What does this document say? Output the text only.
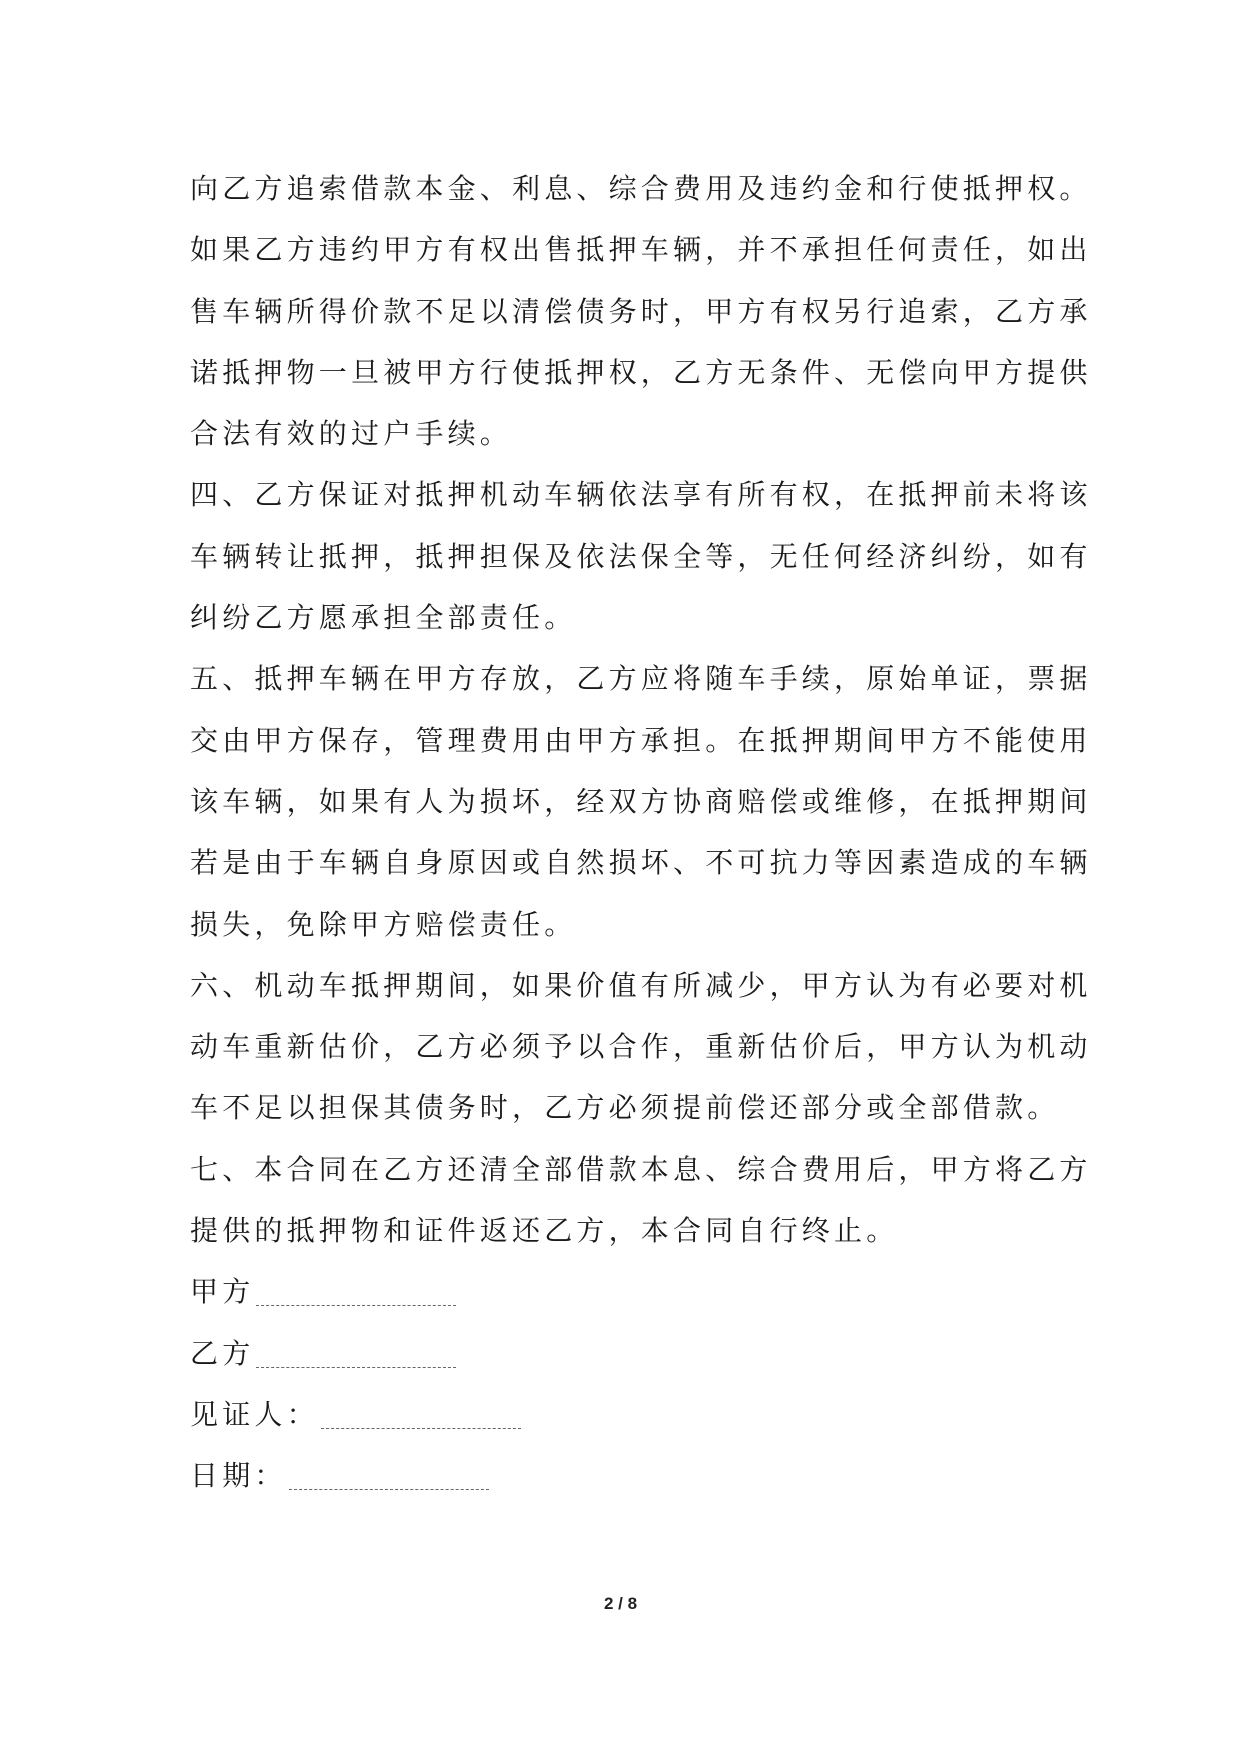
向乙方追索借款本金、利息、综合费用及违约金和行使抵押权。
如果乙方违约甲方有权出售抵押车辆，并不承担任何责任，如出
售车辆所得价款不足以清偿债务时，甲方有权另行追索，乙方承
诺抵押物一旦被甲方行使抵押权，乙方无条件、无偿向甲方提供
合法有效的过户手续。
四、乙方保证对抵押机动车辆依法享有所有权，在抵押前未将该
车辆转让抵押，抵押担保及依法保全等，无任何经济纠纷，如有
纠纷乙方愿承担全部责任。
五、抵押车辆在甲方存放，乙方应将随车手续，原始单证，票据
交由甲方保存，管理费用由甲方承担。在抵押期间甲方不能使用
该车辆，如果有人为损坏，经双方协商赔偿或维修，在抵押期间
若是由于车辆自身原因或自然损坏、不可抗力等因素造成的车辆
损失，免除甲方赔偿责任。
六、机动车抵押期间，如果价值有所减少，甲方认为有必要对机
动车重新估价，乙方必须予以合作，重新估价后，甲方认为机动
车不足以担保其债务时，乙方必须提前偿还部分或全部借款。
七、本合同在乙方还清全部借款本息、综合费用后，甲方将乙方
提供的抵押物和证件返还乙方，本合同自行终止。
甲方
乙方
见证人：
日期：
2 / 8
